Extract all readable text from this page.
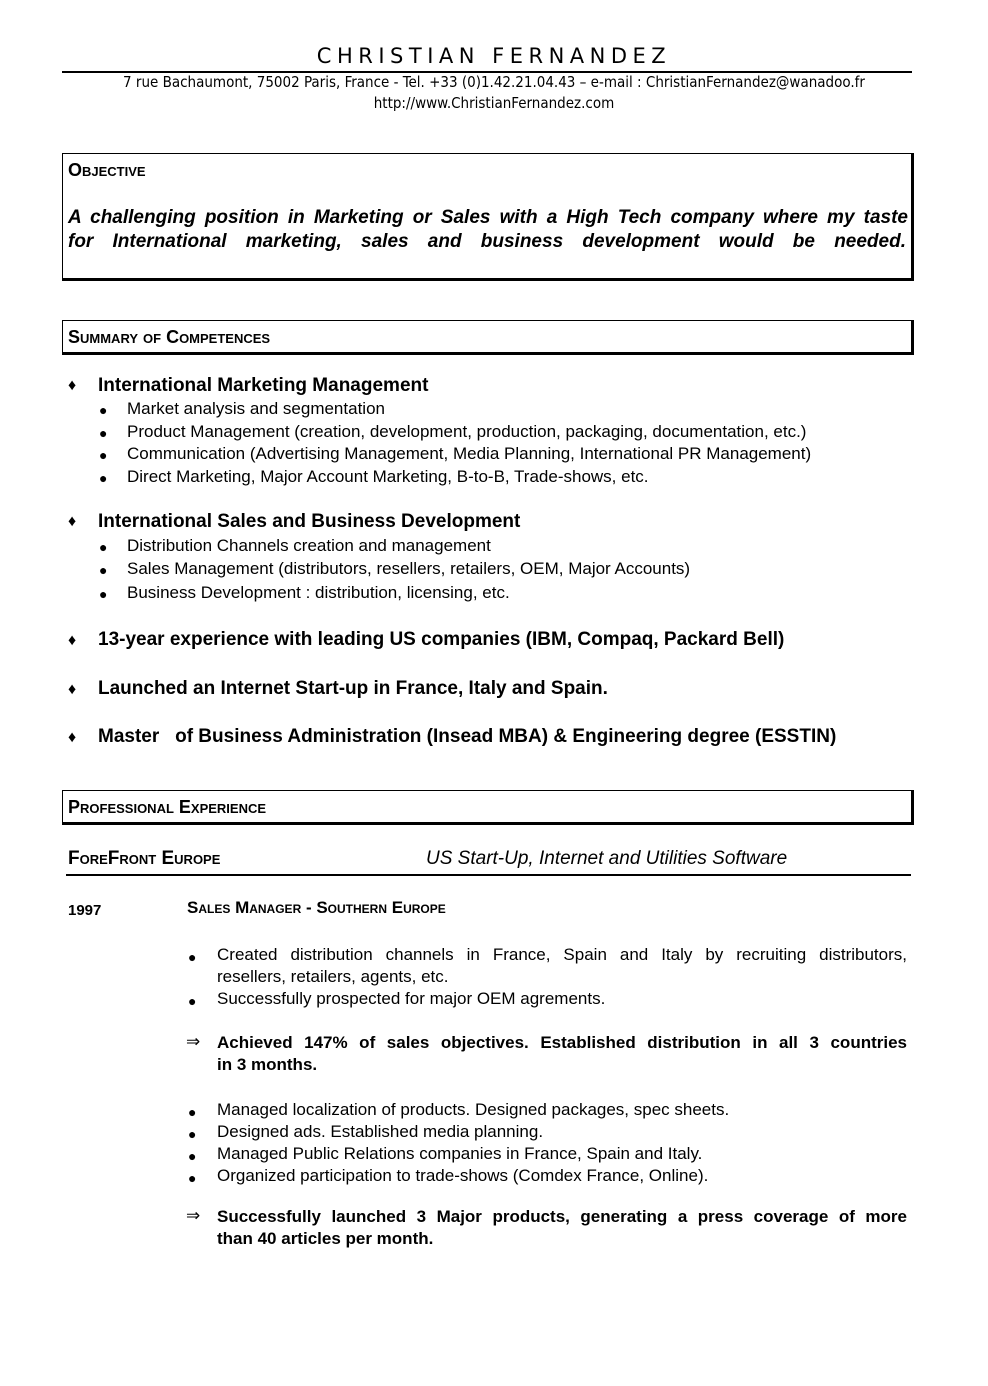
CHRISTIAN FERNANDEZ
7 rue Bachaumont, 75002 Paris, France - Tel. +33 (0)1.42.21.04.43 – e-mail : ChristianFernandez@wanadoo.fr
http://www.ChristianFernandez.com
Objective
A challenging position in Marketing or Sales with a High Tech company where my taste
for International marketing, sales and business development would be needed.
Summary of Competences
♦ International Marketing Management
● Market analysis and segmentation
● Product Management (creation, development, production, packaging, documentation, etc.)
● Communication (Advertising Management, Media Planning, International PR Management)
● Direct Marketing, Major Account Marketing, B-to-B, Trade-shows, etc.
♦ International Sales and Business Development
● Distribution Channels creation and management
● Sales Management (distributors, resellers, retailers, OEM, Major Accounts)
● Business Development : distribution, licensing, etc.
♦ 13-year experience with leading US companies (IBM, Compaq, Packard Bell)
♦ Launched an Internet Start-up in France, Italy and Spain.
♦ Master   of Business Administration (Insead MBA) & Engineering degree (ESSTIN)
Professional Experience
ForeFront Europe	US Start-Up, Internet and Utilities Software
1997	Sales Manager - Southern Europe
● Created distribution channels in France, Spain and Italy by recruiting distributors,
resellers, retailers, agents, etc.
● Successfully prospected for major OEM agrements.
⇒ Achieved 147% of sales objectives. Established distribution in all 3 countries
in 3 months.
● Managed localization of products. Designed packages, spec sheets.
● Designed ads. Established media planning.
● Managed Public Relations companies in France, Spain and Italy.
● Organized participation to trade-shows (Comdex France, Online).
⇒ Successfully launched 3 Major products, generating a press coverage of more
than 40 articles per month.
